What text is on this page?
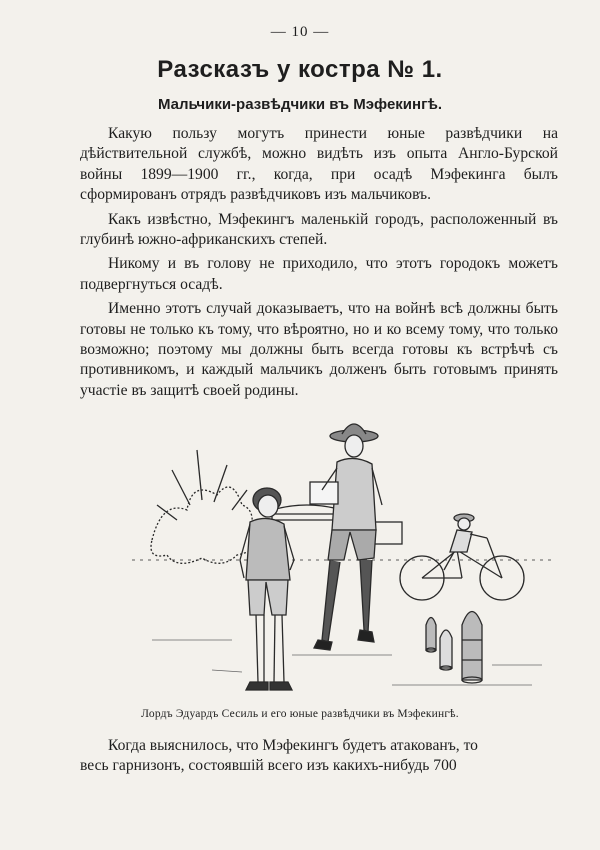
— 10 —
Разсказъ у костра № 1.
Мальчики-развѣдчики въ Мэфекингѣ.

Какую пользу могутъ принести юные развѣдчики на дѣйствительной службѣ, можно видѣть изъ опыта Англо-Бурской войны 1899—1900 гг., когда, при осадѣ Мэфекинга былъ сформированъ отрядъ развѣдчиковъ изъ мальчиковъ.

Какъ извѣстно, Мэфекингъ маленькій городъ, расположенный въ глубинѣ южно-африканскихъ степей.

Никому и въ голову не приходило, что этотъ городокъ можетъ подвергнуться осадѣ.

Именно этотъ случай доказываетъ, что на войнѣ всѣ должны быть готовы не только къ тому, что вѣроятно, но и ко всему тому, что только возможно; поэтому мы должны быть всегда готовы къ встрѣчѣ съ противникомъ, и каждый мальчикъ долженъ быть готовымъ принять участіе въ защитѣ своей родины.

Лордъ Эдуардъ Сесиль и его юные развѣдчики въ Мэфекингѣ.
Когда выяснилось, что Мэфекингъ будетъ атакованъ, то
весь гарнизонъ, состоявшій всего изъ какихъ-нибудь 700
